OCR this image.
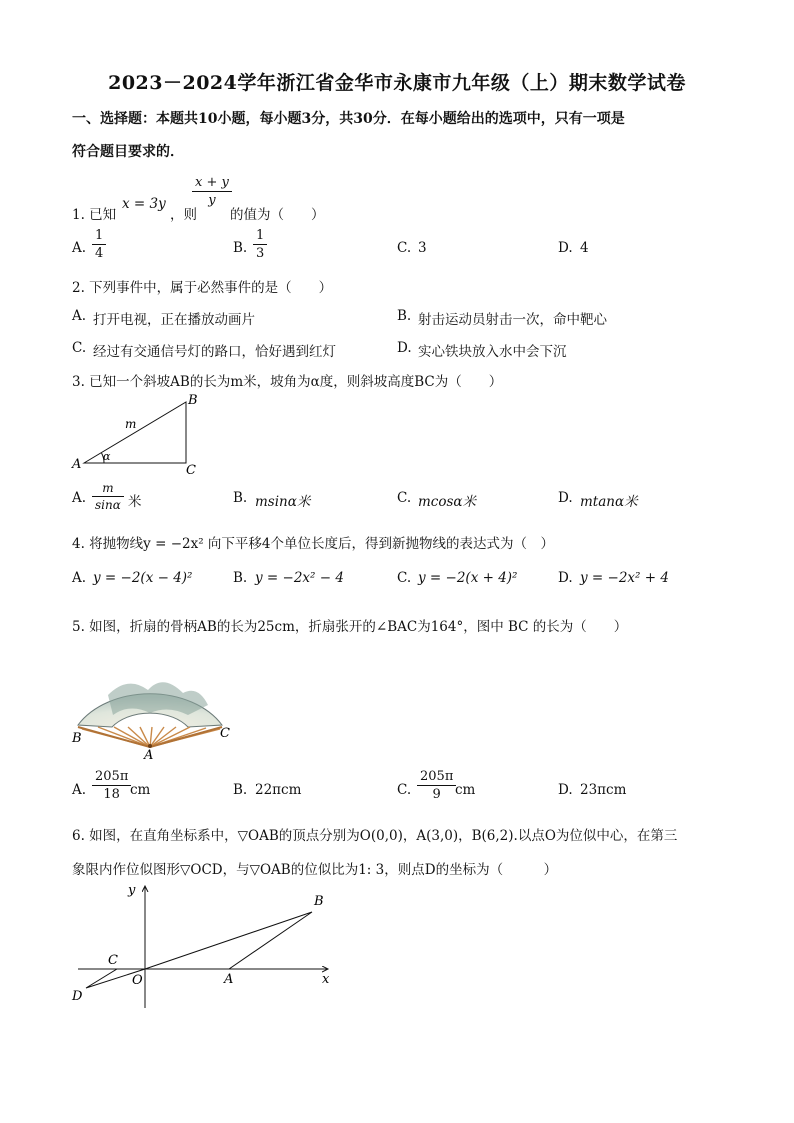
2023－2024学年浙江省金华市永康市九年级（上）期末数学试卷
一、选择题：本题共10小题，每小题3分，共30分．在每小题给出的选项中，只有一项是
符合题目要求的．
1. 已知
x = 3y
，则
x + y
y
的值为（　　）
A.
1
4	B.
1
3	C. 3	D. 4
2. 下列事件中，属于必然事件的是（　　）
A. 打开电视，正在播放动画片	B. 射击运动员射击一次，命中靶心
C. 经过有交通信号灯的路口，恰好遇到红灯	D. 实心铁块放入水中会下沉
3. 已知一个斜坡AB的长为m米，坡角为α度，则斜坡高度BC为（　　）
A
B
C
m
α
A.
m
sinα 米	B. msinα米	C. mcosα米	D. mtanα米
4. 将抛物线y = −2x² 向下平移4个单位长度后，得到新抛物线的表达式为（　）
A. y = −2(x − 4)²	B. y = −2x² − 4	C. y = −2(x + 4)²	D. y = −2x² + 4
5. 如图，折扇的骨柄AB的长为25cm，折扇张开的∠BAC为164°，图中 BC 的长为（　　）
B
A
C
A.
205π
18 cm	B. 22πcm	C.
205π
9	cm	D. 23πcm
6. 如图，在直角坐标系中，▽OAB的顶点分别为O(0,0)，A(3,0)，B(6,2).以点O为位似中心，在第三
象限内作位似图形▽OCD，与▽OAB的位似比为1: 3，则点D的坐标为（　　　）
y
x
O	A
B
C
D
